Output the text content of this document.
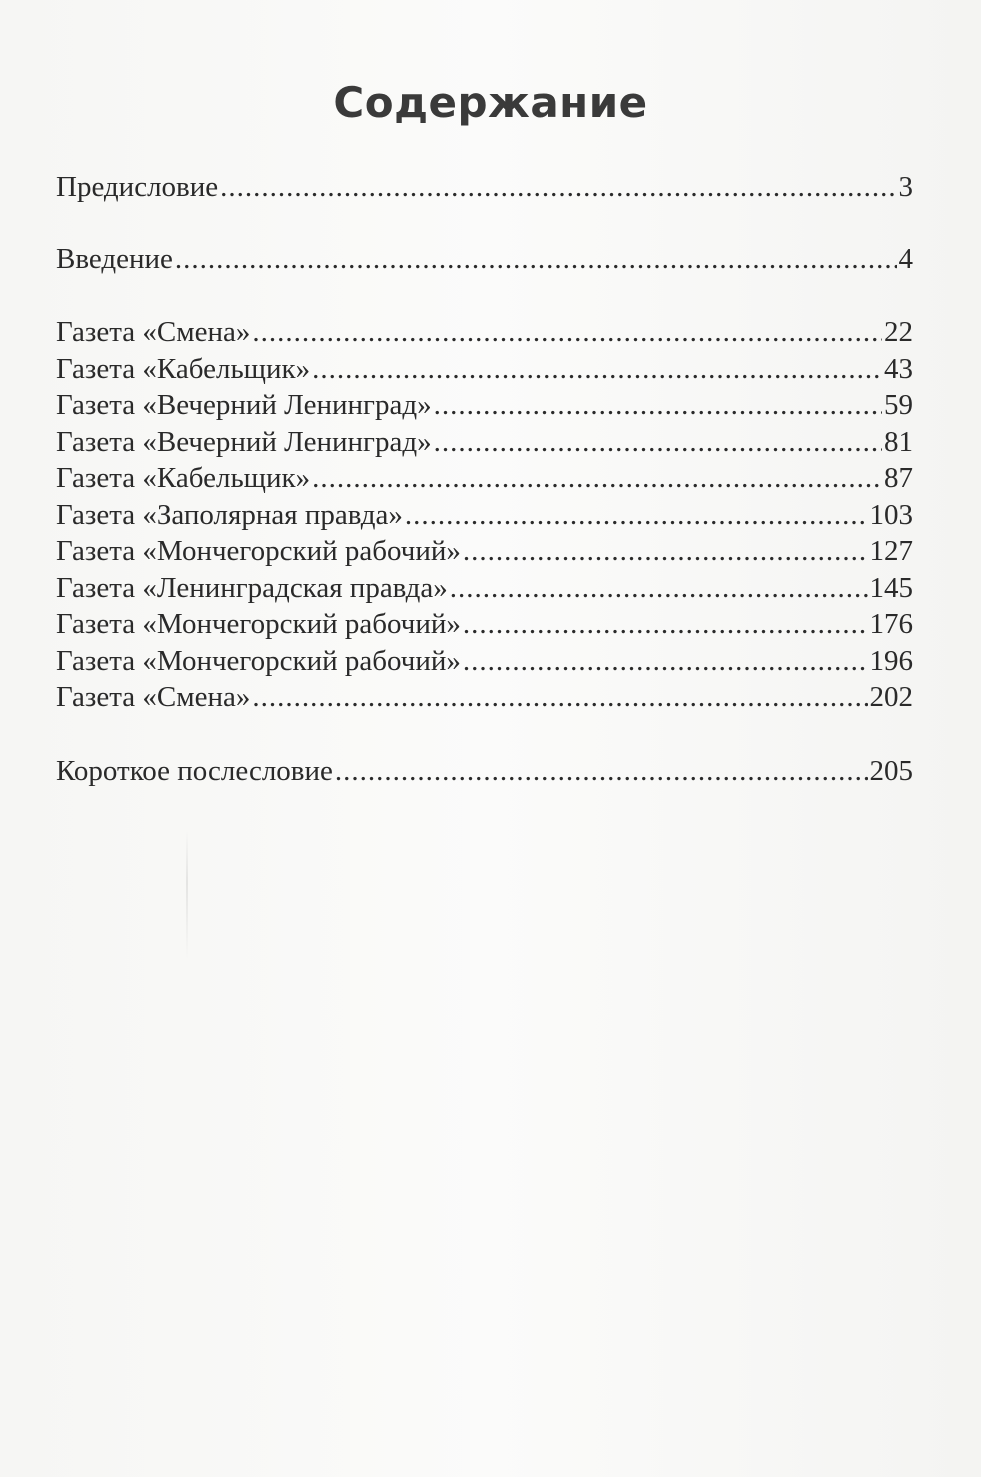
Содержание
Предисловие .....	3
Введение .....	4
Газета «Смена» .....	22
Газета «Кабельщик» .....	43
Газета «Вечерний Ленинград» .....	59
Газета «Вечерний Ленинград» .....	81
Газета «Кабельщик» .....	87
Газета «Заполярная правда» .....	103
Газета «Мончегорский рабочий» .....	127
Газета «Ленинградская правда» .....	145
Газета «Мончегорский рабочий» .....	176
Газета «Мончегорский рабочий» .....	196
Газета «Смена» .....	202
Короткое послесловие .....	205
